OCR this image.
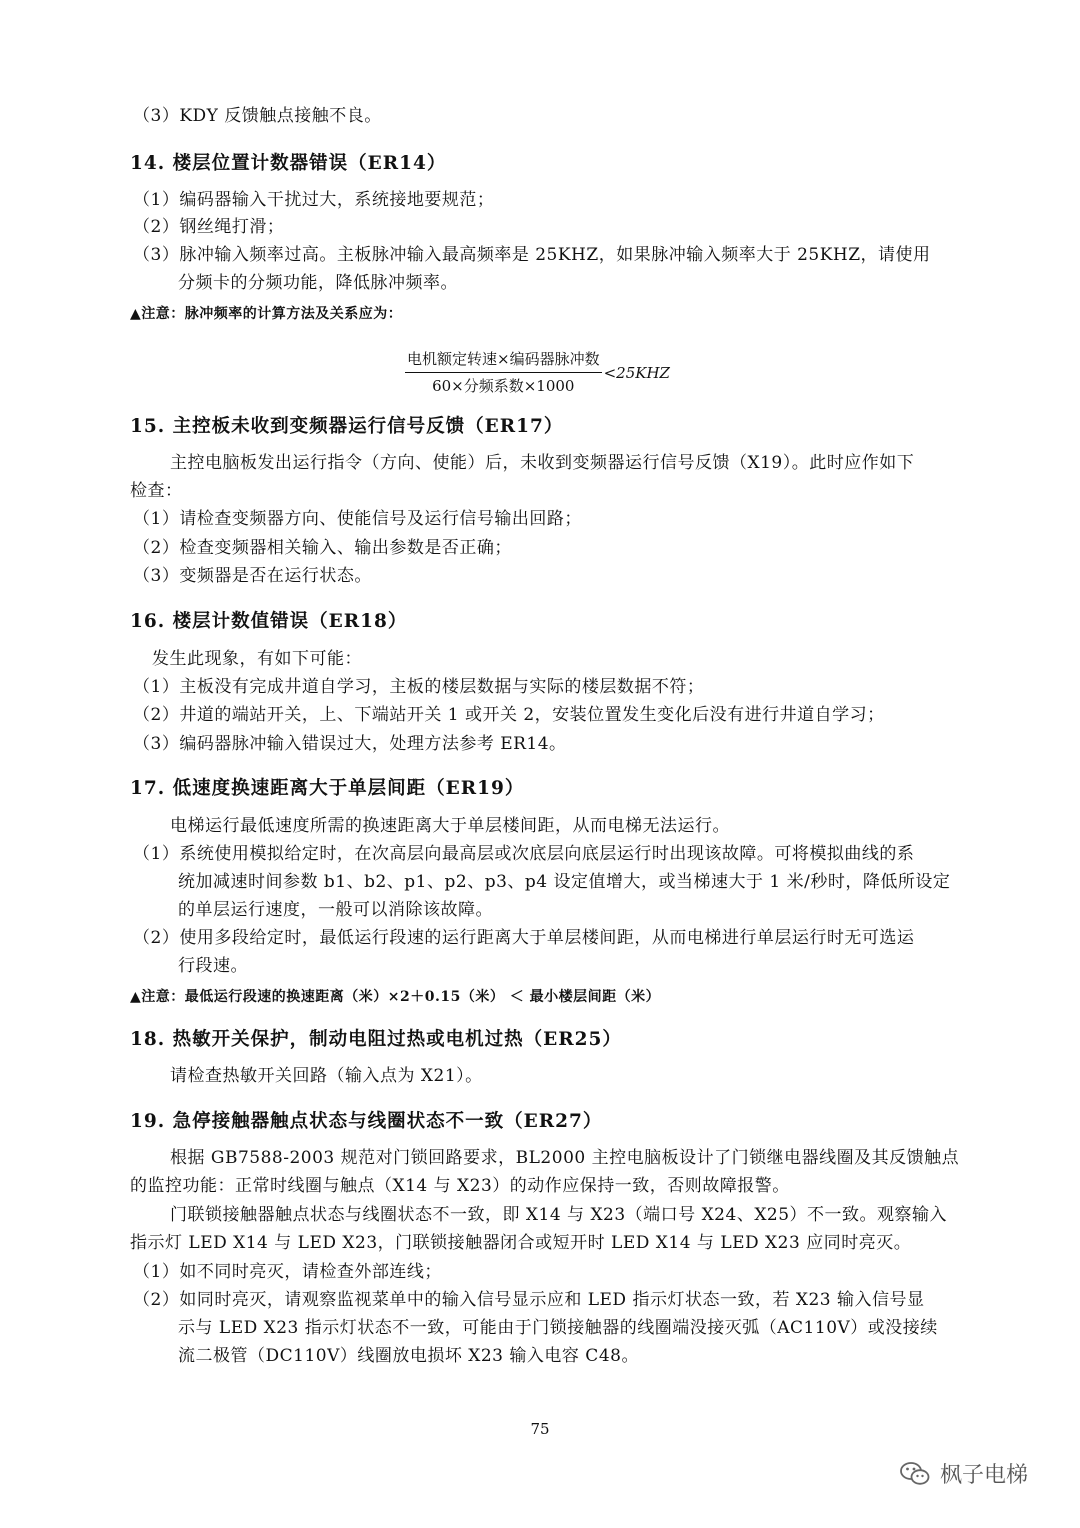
（3）KDY 反馈触点接触不良。
14. 楼层位置计数器错误（ER14）
（1）编码器输入干扰过大，系统接地要规范；
（2）钢丝绳打滑；
（3）脉冲输入频率过高。主板脉冲输入最高频率是 25KHZ，如果脉冲输入频率大于 25KHZ，请使用
分频卡的分频功能，降低脉冲频率。
▲注意：脉冲频率的计算方法及关系应为：
$\frac{\text{电机额定转速×编码器脉冲数}}{\text{60×分频系数×1000}} <25KHZ$
15. 主控板未收到变频器运行信号反馈（ER17）
主控电脑板发出运行指令（方向、使能）后，未收到变频器运行信号反馈（X19）。此时应作如下
检查：
（1）请检查变频器方向、使能信号及运行信号输出回路；
（2）检查变频器相关输入、输出参数是否正确；
（3）变频器是否在运行状态。
16. 楼层计数值错误（ER18）
发生此现象，有如下可能：
（1）主板没有完成井道自学习，主板的楼层数据与实际的楼层数据不符；
（2）井道的端站开关，上、下端站开关 1 或开关 2，安装位置发生变化后没有进行井道自学习；
（3）编码器脉冲输入错误过大，处理方法参考 ER14。
17. 低速度换速距离大于单层间距（ER19）
电梯运行最低速度所需的换速距离大于单层楼间距，从而电梯无法运行。
（1）系统使用模拟给定时，在次高层向最高层或次底层向底层运行时出现该故障。可将模拟曲线的系
统加减速时间参数 b1、b2、p1、p2、p3、p4 设定值增大，或当梯速大于 1 米/秒时，降低所设定
的单层运行速度，一般可以消除该故障。
（2）使用多段给定时，最低运行段速的运行距离大于单层楼间距，从而电梯进行单层运行时无可选运
行段速。
▲注意：最低运行段速的换速距离（米）×2＋0.15（米） ＜ 最小楼层间距（米）
18. 热敏开关保护，制动电阻过热或电机过热（ER25）
请检查热敏开关回路（输入点为 X21）。
19. 急停接触器触点状态与线圈状态不一致（ER27）
根据 GB7588-2003 规范对门锁回路要求，BL2000 主控电脑板设计了门锁继电器线圈及其反馈触点
的监控功能：正常时线圈与触点（X14 与 X23）的动作应保持一致，否则故障报警。
门联锁接触器触点状态与线圈状态不一致，即 X14 与 X23（端口号 X24、X25）不一致。观察输入
指示灯 LED X14 与 LED X23，门联锁接触器闭合或短开时 LED X14 与 LED X23 应同时亮灭。
（1）如不同时亮灭，请检查外部连线；
（2）如同时亮灭，请观察监视菜单中的输入信号显示应和 LED 指示灯状态一致，若 X23 输入信号显
示与 LED X23 指示灯状态不一致，可能由于门锁接触器的线圈端没接灭弧（AC110V）或没接续
流二极管（DC110V）线圈放电损坏 X23 输入电容 C48。
75
枫子电梯
